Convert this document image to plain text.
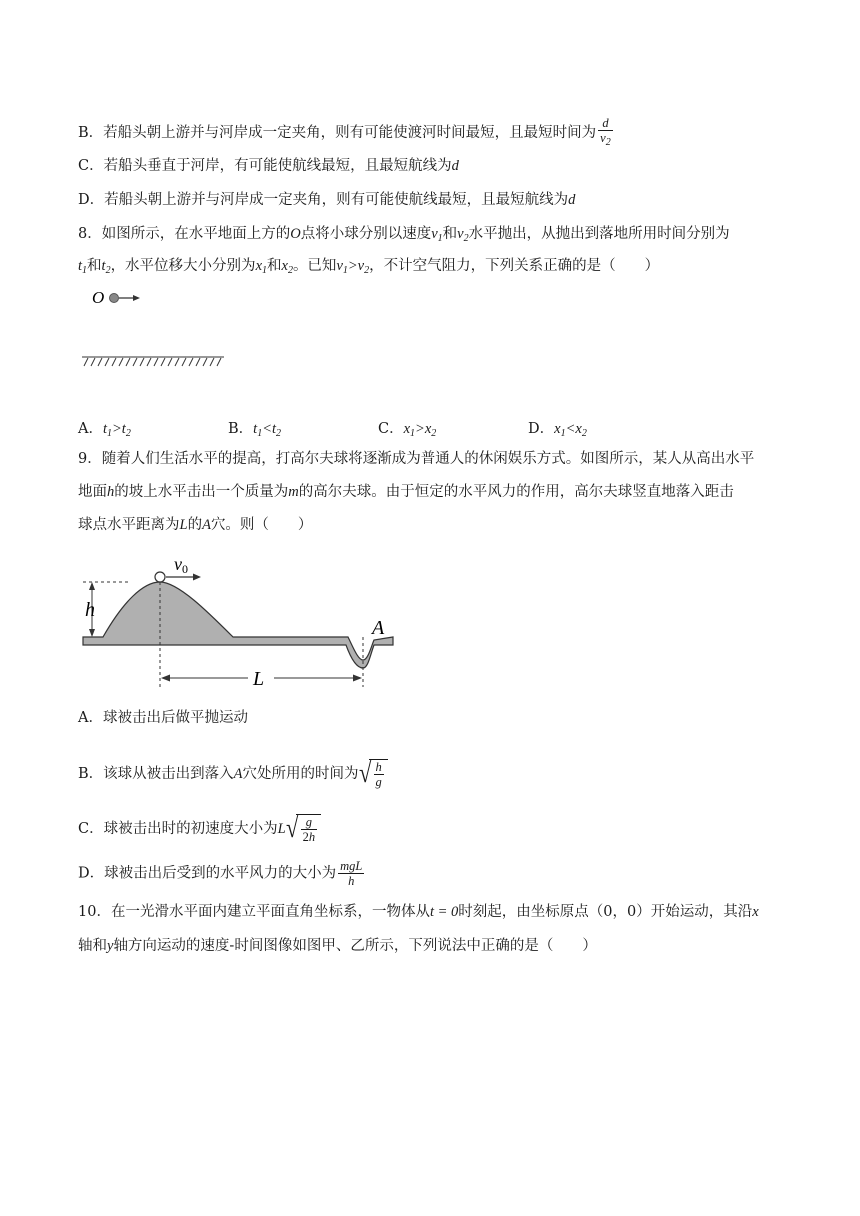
B．若船头朝上游并与河岸成一定夹角，则有可能使渡河时间最短，且最短时间为 $\frac{d}{v_2}$
C．若船头垂直于河岸，有可能使航线最短，且最短航线为d
D．若船头朝上游并与河岸成一定夹角，则有可能使航线最短，且最短航线为d
8．如图所示，在水平地面上方的O点将小球分别以速度$v_1$和$v_2$水平抛出，从抛出到落地所用时间分别为
$t_1$和$t_2$，水平位移大小分别为$x_1$和$x_2$。已知$v_1>v_2$，不计空气阻力，下列关系正确的是（　　）
O
A．$t_1>t_2$	B．$t_1<t_2$	C．$x_1>x_2$	D．$x_1<x_2$
9．随着人们生活水平的提高，打高尔夫球将逐渐成为普通人的休闲娱乐方式。如图所示，某人从高出水平
地面h的坡上水平击出一个质量为m的高尔夫球。由于恒定的水平风力的作用，高尔夫球竖直地落入距击
球点水平距离为L的A穴。则（　　）
h
v0
A
L
A．球被击出后做平抛运动
B．该球从被击出到落入A穴处所用的时间为 √ $\frac{h}{g}$
C．球被击出时的初速度大小为L √ $\frac{g}{2h}$
D．球被击出后受到的水平风力的大小为 $\frac{\text{mgL}}{h}$
10．在一光滑水平面内建立平面直角坐标系，一物体从t = 0时刻起，由坐标原点（0，0）开始运动，其沿x
轴和y轴方向运动的速度-时间图像如图甲、乙所示，下列说法中正确的是（　　）
